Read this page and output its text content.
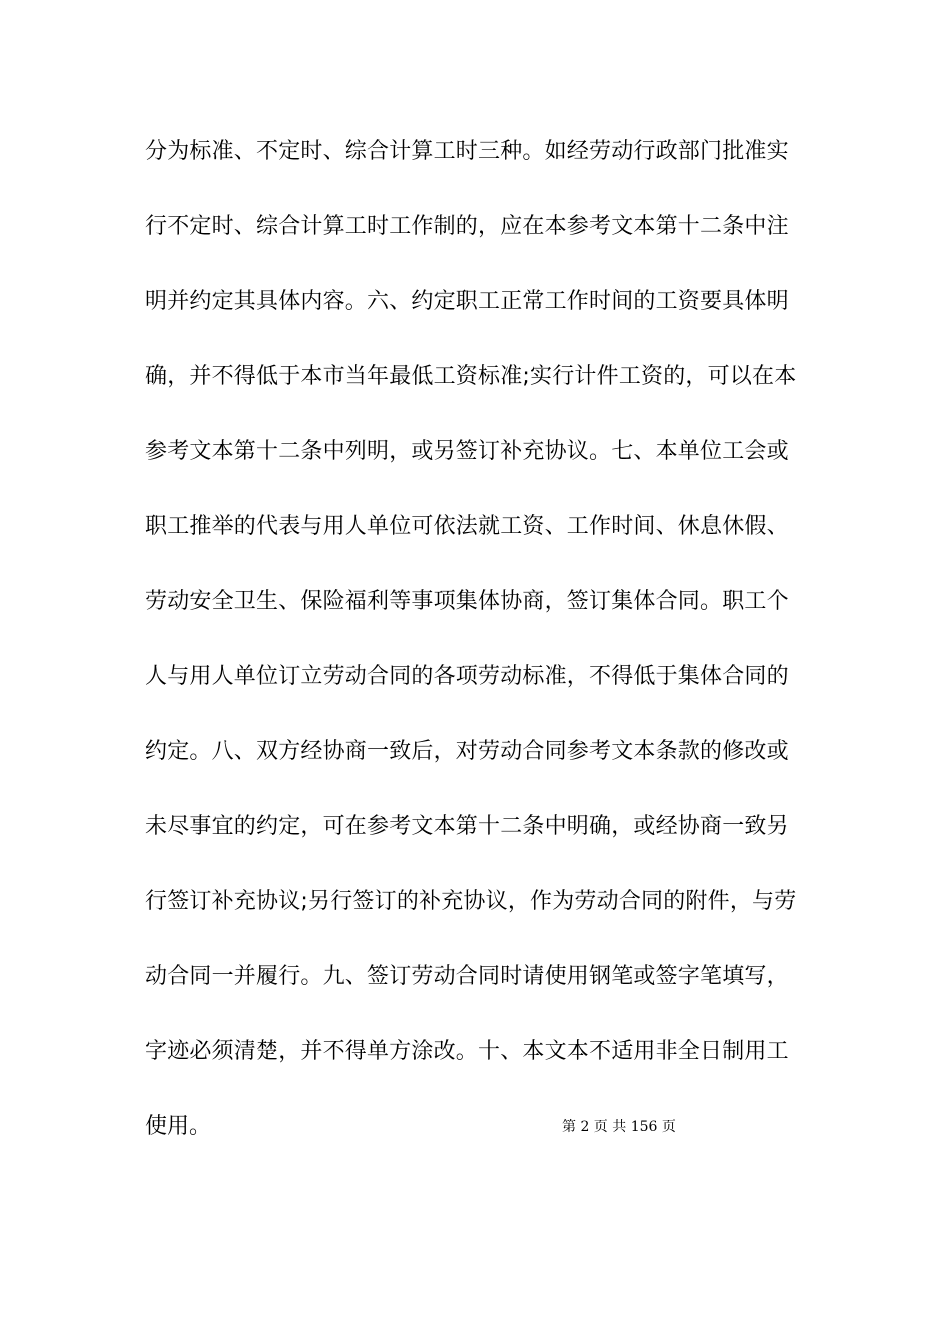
分为标准、不定时、综合计算工时三种。如经劳动行政部门批准实
行不定时、综合计算工时工作制的，应在本参考文本第十二条中注
明并约定其具体内容。六、约定职工正常工作时间的工资要具体明
确，并不得低于本市当年最低工资标准;实行计件工资的，可以在本
参考文本第十二条中列明，或另签订补充协议。七、本单位工会或
职工推举的代表与用人单位可依法就工资、工作时间、休息休假、
劳动安全卫生、保险福利等事项集体协商，签订集体合同。职工个
人与用人单位订立劳动合同的各项劳动标准，不得低于集体合同的
约定。八、双方经协商一致后，对劳动合同参考文本条款的修改或
未尽事宜的约定，可在参考文本第十二条中明确，或经协商一致另
行签订补充协议;另行签订的补充协议，作为劳动合同的附件，与劳
动合同一并履行。九、签订劳动合同时请使用钢笔或签字笔填写，
字迹必须清楚，并不得单方涂改。十、本文本不适用非全日制用工
使用。	第 2 页 共 156 页
